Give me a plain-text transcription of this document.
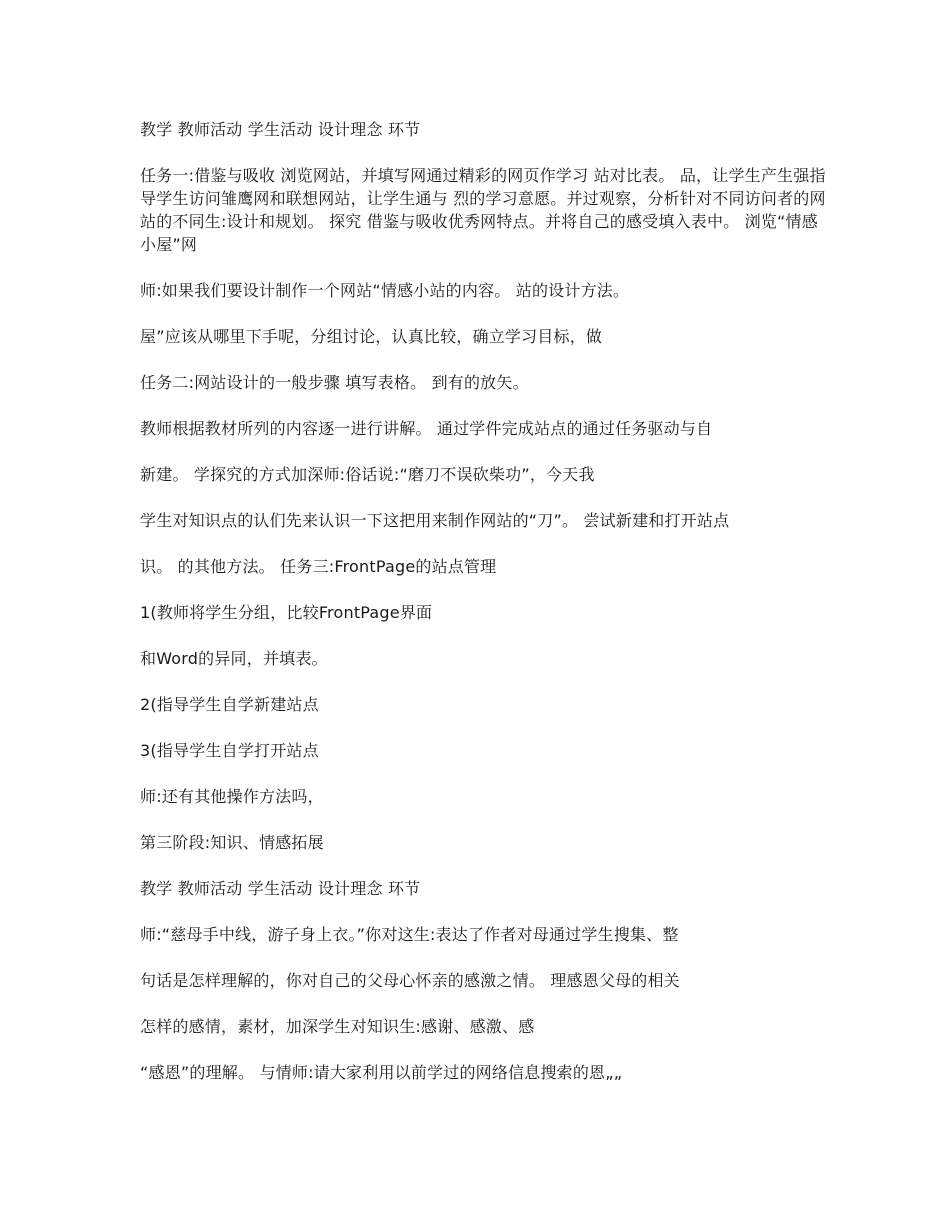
教学 教师活动 学生活动 设计理念 环节

任务一:借鉴与吸收 浏览网站，并填写网通过精彩的网页作学习 站对比表。 品，让学生产生强指导学生访问雏鹰网和联想网站，让学生通与 烈的学习意愿。并过观察，分析针对不同访问者的网站的不同生:设计和规划。 探究 借鉴与吸收优秀网特点。并将自己的感受填入表中。 浏览“情感小屋”网

师:如果我们要设计制作一个网站“情感小站的内容。 站的设计方法。

屋”应该从哪里下手呢，分组讨论，认真比较，确立学习目标，做

任务二:网站设计的一般步骤 填写表格。 到有的放矢。

教师根据教材所列的内容逐一进行讲解。 通过学件完成站点的通过任务驱动与自

新建。 学探究的方式加深师:俗话说:“磨刀不误砍柴功”，今天我

学生对知识点的认们先来认识一下这把用来制作网站的“刀”。 尝试新建和打开站点

识。 的其他方法。 任务三:FrontPage的站点管理

1(教师将学生分组，比较FrontPage界面

和Word的异同，并填表。

2(指导学生自学新建站点

3(指导学生自学打开站点

师:还有其他操作方法吗，

第三阶段:知识、情感拓展

教学 教师活动 学生活动 设计理念 环节

师:“慈母手中线，游子身上衣。”你对这生:表达了作者对母通过学生搜集、整

句话是怎样理解的，你对自己的父母心怀亲的感激之情。 理感恩父母的相关

怎样的感情，素材，加深学生对知识生:感谢、感激、感

“感恩”的理解。 与情师:请大家利用以前学过的网络信息搜索的恩„„
